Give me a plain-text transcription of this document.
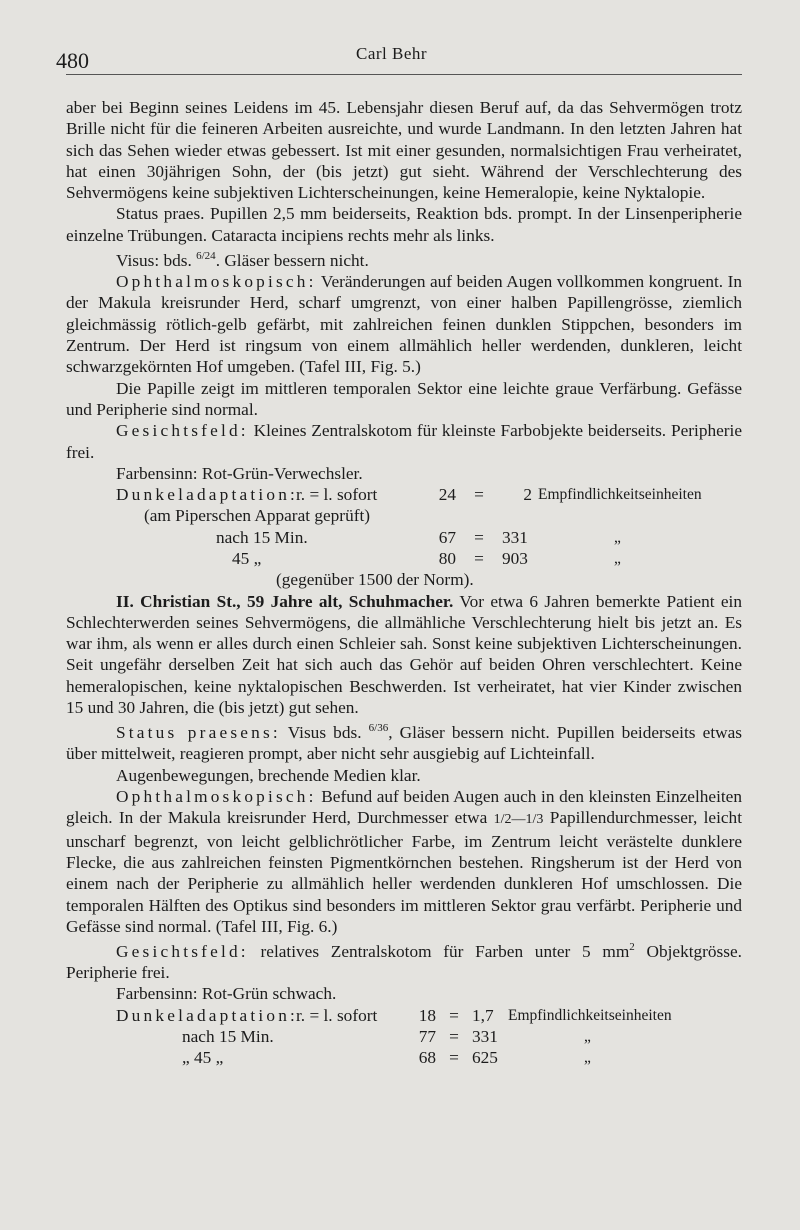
480	Carl Behr

aber bei Beginn seines Leidens im 45. Lebensjahr diesen Beruf auf, da das Sehvermögen trotz Brille nicht für die feineren Arbeiten ausreichte, und wurde Landmann. In den letzten Jahren hat sich das Sehen wieder etwas gebessert. Ist mit einer gesunden, normalsichtigen Frau verheiratet, hat einen 30jährigen Sohn, der (bis jetzt) gut sieht. Während der Verschlechterung des Sehvermögens keine subjektiven Lichterscheinungen, keine Hemeralopie, keine Nyktalopie.

Status praes. Pupillen 2,5 mm beiderseits, Reaktion bds. prompt. In der Linsenperipherie einzelne Trübungen. Cataracta incipiens rechts mehr als links.

Visus: bds. $^{6/24}$. Gläser bessern nicht.

Ophthalmoskopisch: Veränderungen auf beiden Augen vollkommen kongruent. In der Makula kreisrunder Herd, scharf umgrenzt, von einer halben Papillengrösse, ziemlich gleichmässig rötlich-gelb gefärbt, mit zahlreichen feinen dunklen Stippchen, besonders im Zentrum. Der Herd ist ringsum von einem allmählich heller werdenden, dunkleren, leicht schwarzgekörnten Hof umgeben. (Tafel III, Fig. 5.)

Die Papille zeigt im mittleren temporalen Sektor eine leichte graue Verfärbung. Gefässe und Peripherie sind normal.

Gesichtsfeld: Kleines Zentralskotom für kleinste Farbobjekte beiderseits. Peripherie frei.

Farbensinn: Rot-Grün-Verwechsler.

Dunkeladaptation:
r. = l. sofort	24	=	2 Empfindlichkeitseinheiten
(am Piperschen Apparat geprüft)
nach 15 Min.	67	=	331	„
45 „	80	=	903	„
(gegenüber 1500 der Norm).

II. Christian St., 59 Jahre alt, Schuhmacher. Vor etwa 6 Jahren bemerkte Patient ein Schlechterwerden seines Sehvermögens, die allmähliche Verschlechterung hielt bis jetzt an. Es war ihm, als wenn er alles durch einen Schleier sah. Sonst keine subjektiven Lichterscheinungen. Seit ungefähr derselben Zeit hat sich auch das Gehör auf beiden Ohren verschlechtert. Keine hemeralopischen, keine nyktalopischen Beschwerden. Ist verheiratet, hat vier Kinder zwischen 15 und 30 Jahren, die (bis jetzt) gut sehen.

Status praesens: Visus bds. $^{6/36}$, Gläser bessern nicht. Pupillen beiderseits etwas über mittelweit, reagieren prompt, aber nicht sehr ausgiebig auf Lichteinfall.

Augenbewegungen, brechende Medien klar.

Ophthalmoskopisch: Befund auf beiden Augen auch in den kleinsten Einzelheiten gleich. In der Makula kreisrunder Herd, Durchmesser etwa 1/2—1/3 Papillendurchmesser, leicht unscharf begrenzt, von leicht gelblichrötlicher Farbe, im Zentrum leicht verästelte dunklere Flecke, die aus zahlreichen feinsten Pigmentkörnchen bestehen. Ringsherum ist der Herd von einem nach der Peripherie zu allmählich heller werdenden dunkleren Hof umschlossen. Die temporalen Hälften des Optikus sind besonders im mittleren Sektor grau verfärbt. Peripherie und Gefässe sind normal. (Tafel III, Fig. 6.)

Gesichtsfeld: relatives Zentralskotom für Farben unter 5 $mm^2$ Objektgrösse. Peripherie frei.

Farbensinn: Rot-Grün schwach.

Dunkeladaptation:
r. = l. sofort	18 = 1,7 Empfindlichkeitseinheiten
nach 15 Min.	77 = 331	„
„ 45 „	68 = 625	„
